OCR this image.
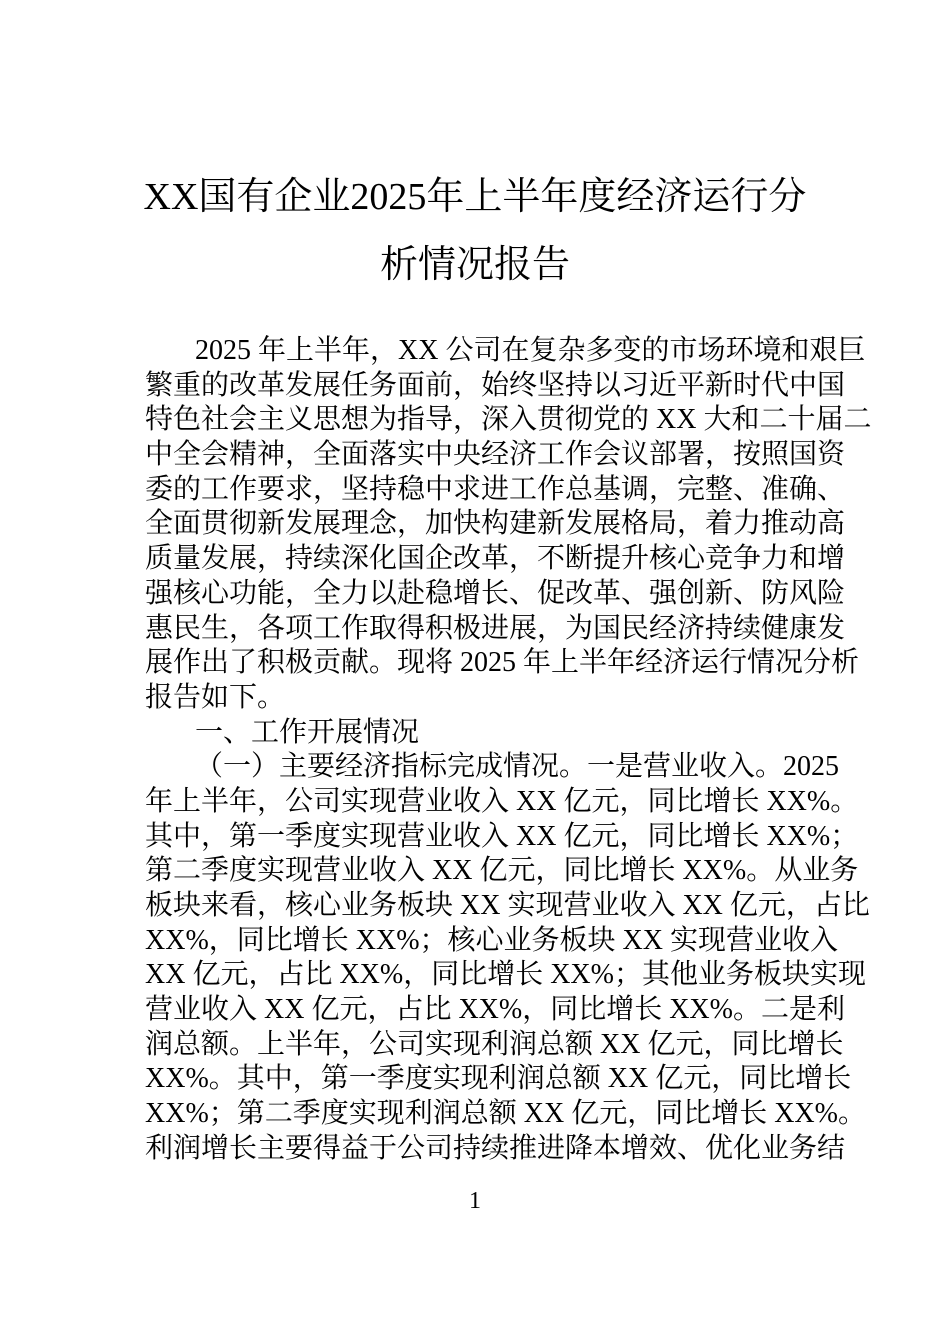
XX国有企业2025年上半年度经济运行分
析情况报告
2025 年上半年，XX 公司在复杂多变的市场环境和艰巨
繁重的改革发展任务面前，始终坚持以习近平新时代中国
特色社会主义思想为指导，深入贯彻党的 XX 大和二十届二
中全会精神，全面落实中央经济工作会议部署，按照国资
委的工作要求，坚持稳中求进工作总基调，完整、准确、
全面贯彻新发展理念，加快构建新发展格局，着力推动高
质量发展，持续深化国企改革，不断提升核心竞争力和增
强核心功能，全力以赴稳增长、促改革、强创新、防风险
惠民生，各项工作取得积极进展，为国民经济持续健康发
展作出了积极贡献。现将 2025 年上半年经济运行情况分析
报告如下。
一、工作开展情况
（一）主要经济指标完成情况。一是营业收入。2025
年上半年，公司实现营业收入 XX 亿元，同比增长 XX%。
其中，第一季度实现营业收入 XX 亿元，同比增长 XX%；
第二季度实现营业收入 XX 亿元，同比增长 XX%。从业务
板块来看，核心业务板块 XX 实现营业收入 XX 亿元，占比
XX%，同比增长 XX%；核心业务板块 XX 实现营业收入
XX 亿元，占比 XX%，同比增长 XX%；其他业务板块实现
营业收入 XX 亿元，占比 XX%，同比增长 XX%。二是利
润总额。上半年，公司实现利润总额 XX 亿元，同比增长
XX%。其中，第一季度实现利润总额 XX 亿元，同比增长
XX%；第二季度实现利润总额 XX 亿元，同比增长 XX%。
利润增长主要得益于公司持续推进降本增效、优化业务结
1
